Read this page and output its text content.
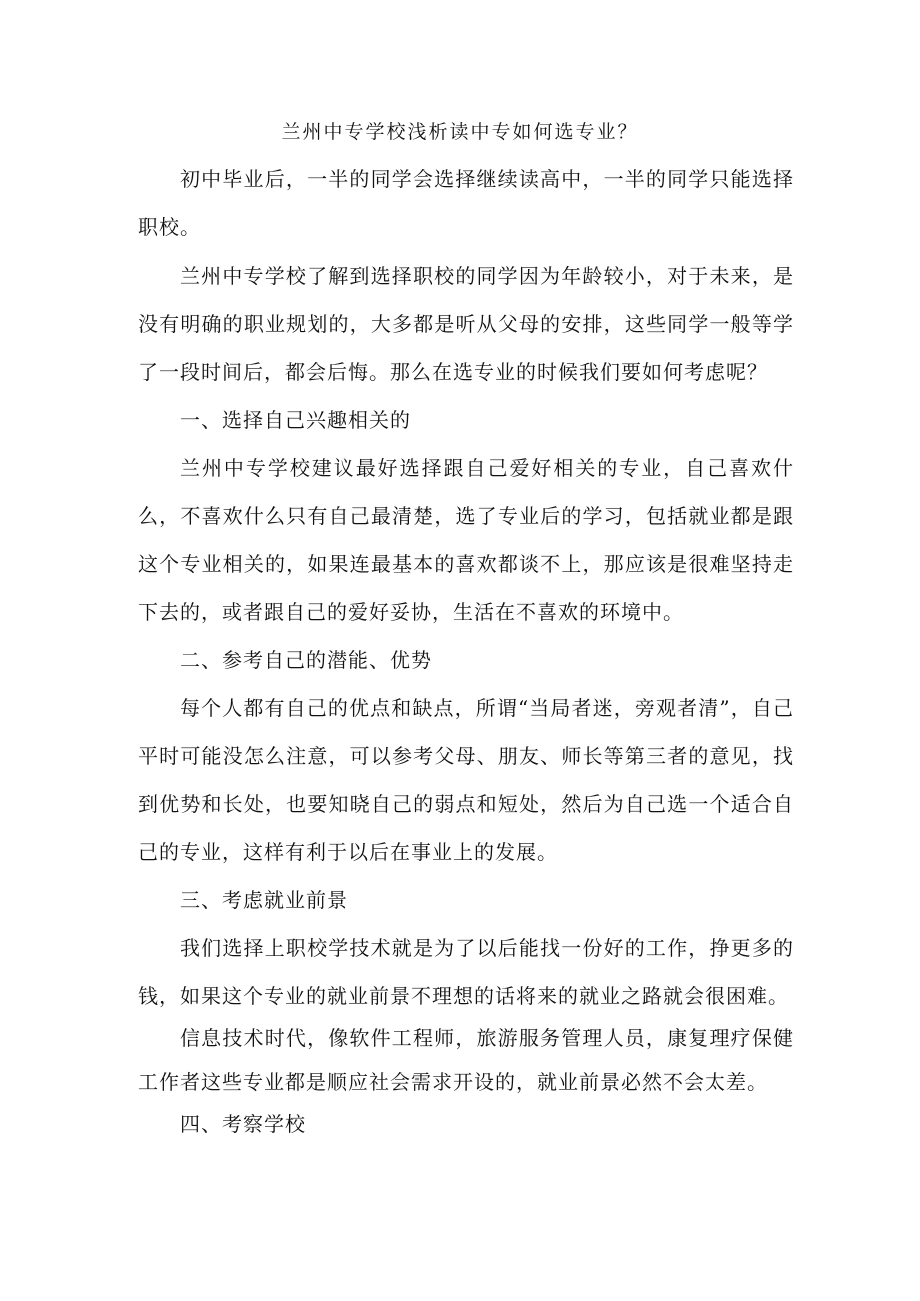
兰州中专学校浅析读中专如何选专业？

初中毕业后，一半的同学会选择继续读高中，一半的同学只能选择职校。

兰州中专学校了解到选择职校的同学因为年龄较小，对于未来，是没有明确的职业规划的，大多都是听从父母的安排，这些同学一般等学了一段时间后，都会后悔。那么在选专业的时候我们要如何考虑呢？

一、选择自己兴趣相关的

兰州中专学校建议最好选择跟自己爱好相关的专业，自己喜欢什么，不喜欢什么只有自己最清楚，选了专业后的学习，包括就业都是跟这个专业相关的，如果连最基本的喜欢都谈不上，那应该是很难坚持走下去的，或者跟自己的爱好妥协，生活在不喜欢的环境中。

二、参考自己的潜能、优势

每个人都有自己的优点和缺点，所谓“当局者迷，旁观者清”，自己平时可能没怎么注意，可以参考父母、朋友、师长等第三者的意见，找到优势和长处，也要知晓自己的弱点和短处，然后为自己选一个适合自己的专业，这样有利于以后在事业上的发展。

三、考虑就业前景

我们选择上职校学技术就是为了以后能找一份好的工作，挣更多的钱，如果这个专业的就业前景不理想的话将来的就业之路就会很困难。

信息技术时代，像软件工程师，旅游服务管理人员，康复理疗保健工作者这些专业都是顺应社会需求开设的，就业前景必然不会太差。

四、考察学校
